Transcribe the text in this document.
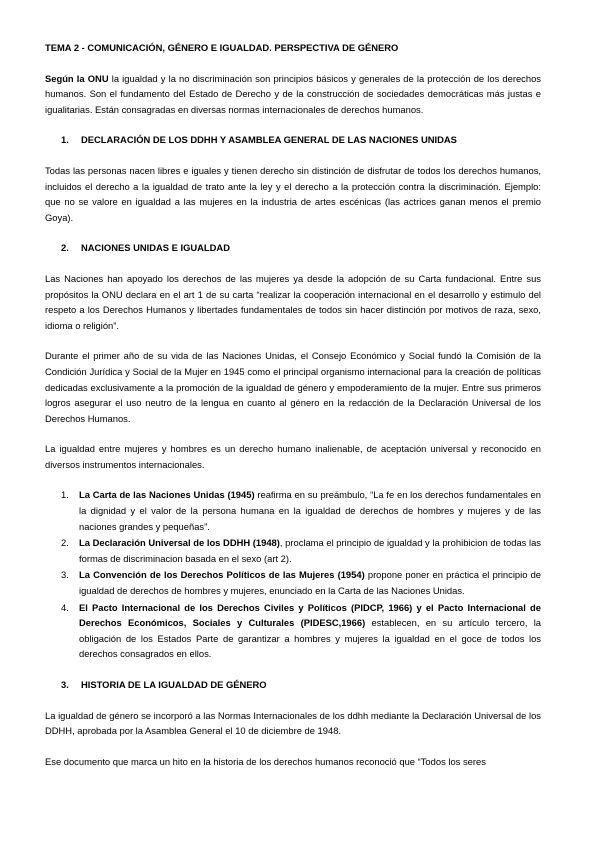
TEMA 2 - COMUNICACIÓN, GÉNERO E IGUALDAD. PERSPECTIVA DE GÉNERO

Según la ONU la igualdad y la no discriminación son principios básicos y generales de la protección de los derechos humanos. Son el fundamento del Estado de Derecho y de la construcción de sociedades democráticas más justas e igualitarias. Están consagradas en diversas normas internacionales de derechos humanos.

1.	DECLARACIÓN DE LOS DDHH Y ASAMBLEA GENERAL DE LAS NACIONES UNIDAS

Todas las personas nacen libres e iguales y tienen derecho sin distinción de disfrutar de todos los derechos humanos, incluidos el derecho a la igualdad de trato ante la ley y el derecho a la protección contra la discriminación. Ejemplo: que no se valore en igualdad a las mujeres en la industria de artes escénicas (las actrices ganan menos el premio Goya).

2.	NACIONES UNIDAS E IGUALDAD

Las Naciones han apoyado los derechos de las mujeres ya desde la adopción de su Carta fundacional. Entre sus propósitos la ONU declara en el art 1 de su carta “realizar la cooperación internacional en el desarrollo y estimulo del respeto a los Derechos Humanos y libertades fundamentales de todos sin hacer distinción por motivos de raza, sexo, idioma o religión”.

Durante el primer año de su vida de las Naciones Unidas, el Consejo Económico y Social fundó la Comisión de la Condición Jurídica y Social de la Mujer en 1945 como el principal organismo internacional para la creación de políticas dedicadas exclusivamente a la promoción de la igualdad de género y empoderamiento de la mujer. Entre sus primeros logros asegurar el uso neutro de la lengua en cuanto al género en la redacción de la Declaración Universal de los Derechos Humanos.

La igualdad entre mujeres y hombres es un derecho humano inalienable, de aceptación universal y reconocido en diversos instrumentos internacionales.

1.	La Carta de las Naciones Unidas (1945) reafirma en su preámbulo, “La fe en los derechos fundamentales en la dignidad y el valor de la persona humana en la igualdad de derechos de hombres y mujeres y de las naciones grandes y pequeñas”.
2.	La Declaración Universal de los DDHH (1948), proclama el principio de igualdad y la prohibicion de todas las formas de discriminacion basada en el sexo (art 2).
3.	La Convención de los Derechos Políticos de las Mujeres (1954) propone poner en práctica el principio de igualdad de derechos de hombres y mujeres, enunciado en la Carta de las Naciones Unidas.
4.	El Pacto Internacional de los Derechos Civiles y Políticos (PIDCP, 1966) y el Pacto Internacional de Derechos Económicos, Sociales y Culturales (PIDESC,1966) establecen, en su artículo tercero, la obligación de los Estados Parte de garantizar a hombres y mujeres la igualdad en el goce de todos los derechos consagrados en ellos.
3.	HISTORIA DE LA IGUALDAD DE GÉNERO

La igualdad de género se incorporó a las Normas Internacionales de los ddhh mediante la Declaración Universal de los DDHH, aprobada por la Asamblea General el 10 de diciembre de 1948.

Ese documento que marca un hito en la historia de los derechos humanos reconoció que “Todos los seres
